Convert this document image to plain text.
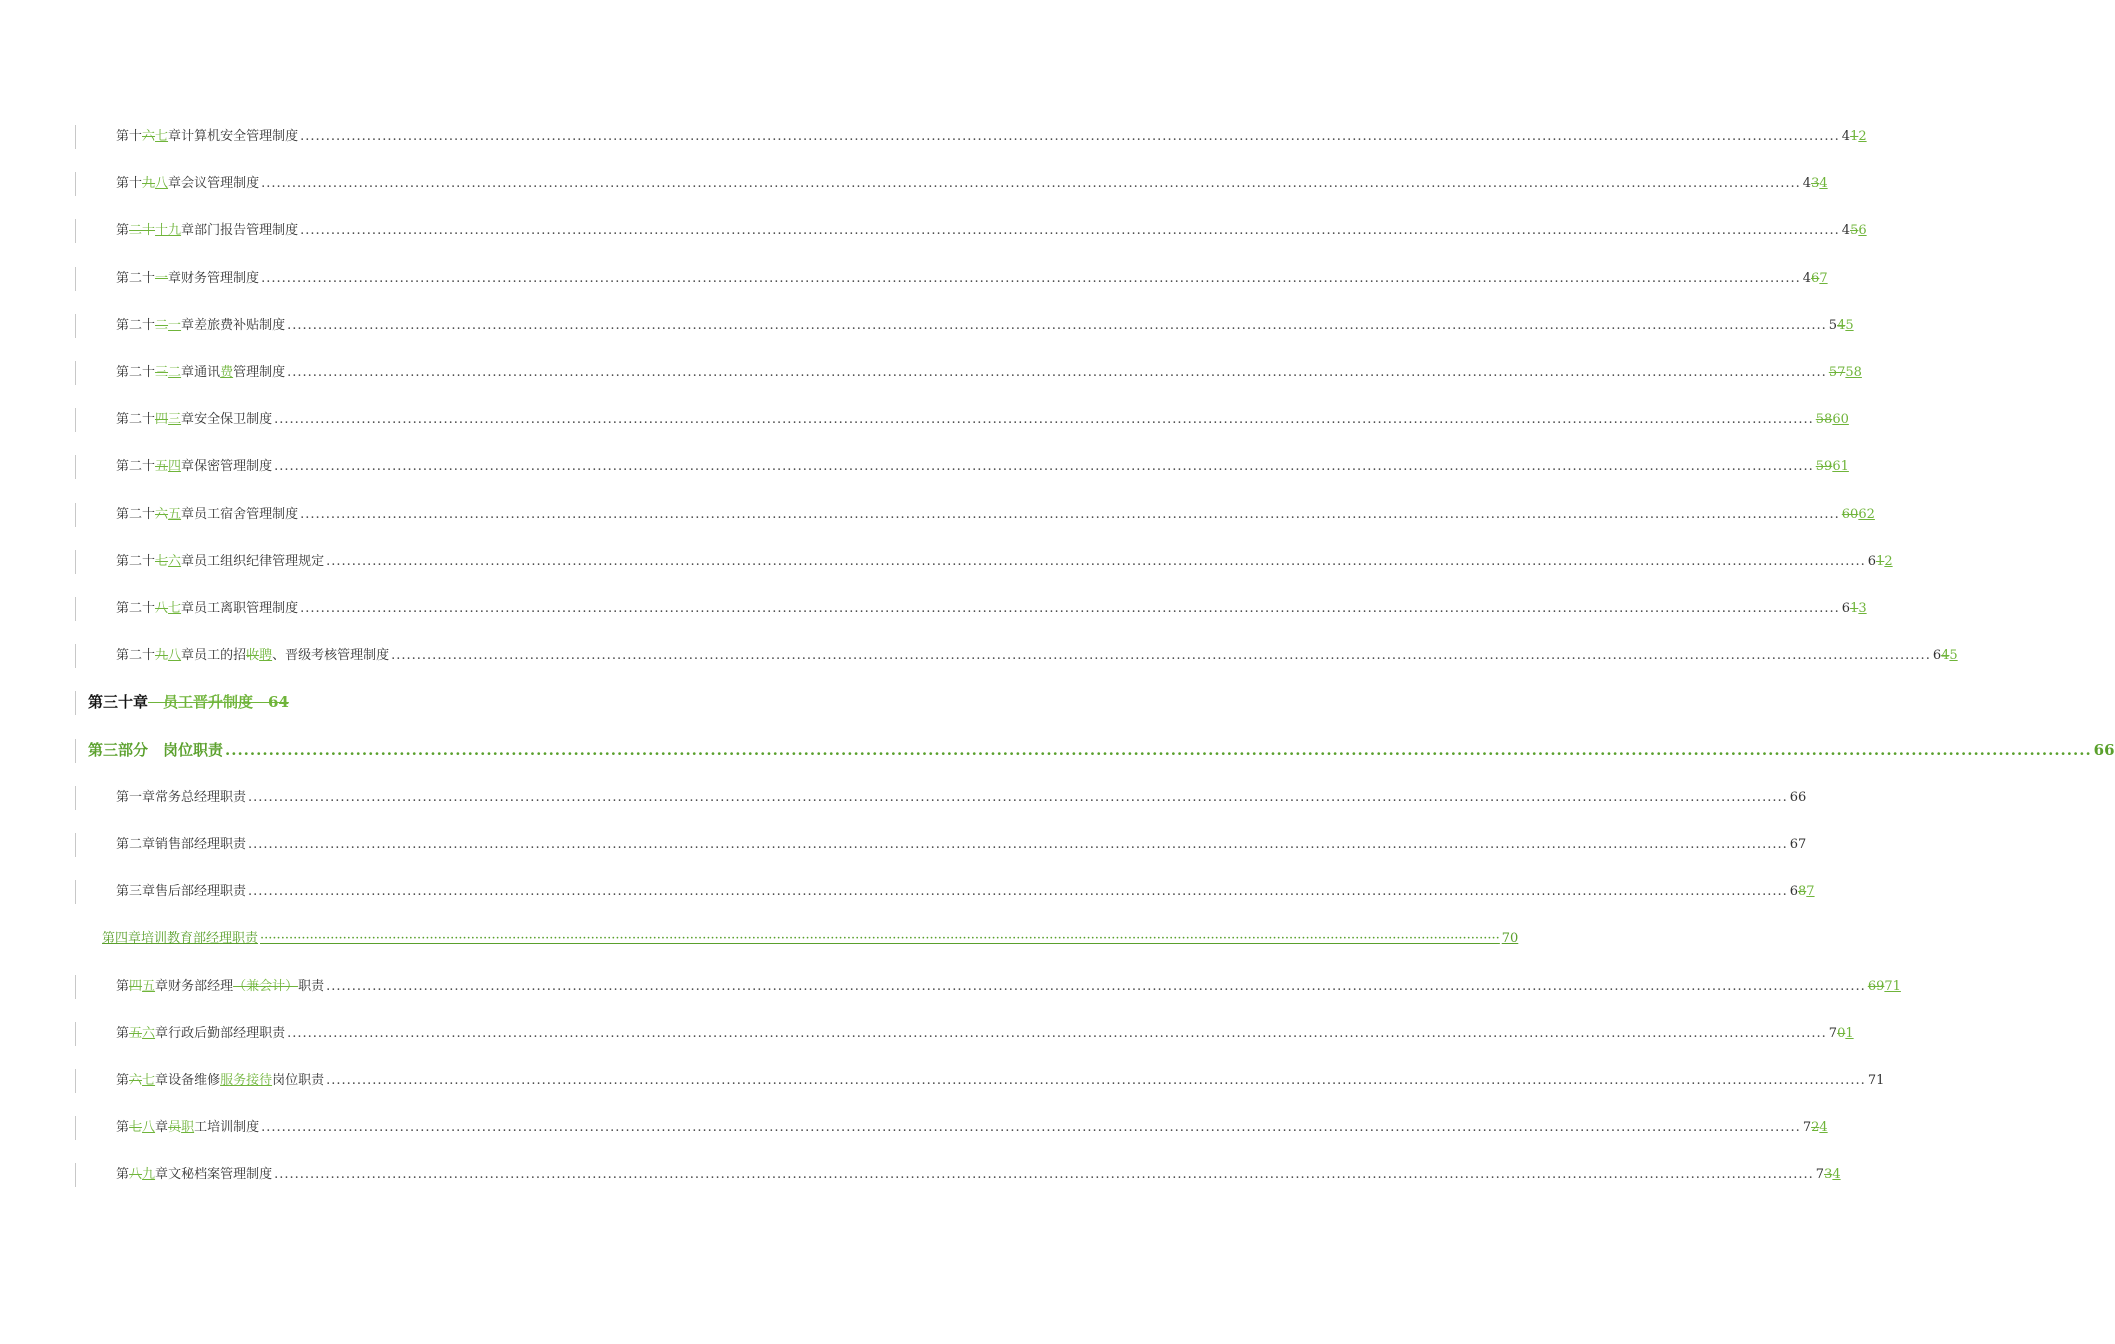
第十六七章 计算机安全管理制度 ............................................................................................................................................................................................................................................................................................................ 412
第十九八章 会议管理制度 ............................................................................................................................................................................................................................................................................................................ 434
第二十十九章 部门报告管理制度 ............................................................................................................................................................................................................................................................................................................ 456
第二十一章 财务管理制度 ............................................................................................................................................................................................................................................................................................................ 467
第二十二一章 差旅费补贴制度 ............................................................................................................................................................................................................................................................................................................ 545
第二十三二章 通讯费管理制度 ............................................................................................................................................................................................................................................................................................................ 5758
第二十四三章 安全保卫制度 ............................................................................................................................................................................................................................................................................................................ 5860
第二十五四章 保密管理制度 ............................................................................................................................................................................................................................................................................................................ 5961
第二十六五章 员工宿舍管理制度 ............................................................................................................................................................................................................................................................................................................ 6062
第二十七六章 员工组织纪律管理规定 ............................................................................................................................................................................................................................................................................................................ 612
第二十八七章 员工离职管理制度 ............................................................................................................................................................................................................................................................................................................ 613
第二十九八章 员工的招收聘、晋级考核管理制度 ............................................................................................................................................................................................................................................................................................................ 645
第三十章　员工晋升制度　64
第三部分　岗位职责 ............................................................................................................................................................................................................................................................................................................ 66
第一章 常务总经理职责 ............................................................................................................................................................................................................................................................................................................ 66
第二章 销售部经理职责 ............................................................................................................................................................................................................................................................................................................ 67
第三章 售后部经理职责 ............................................................................................................................................................................................................................................................................................................ 687
第四章 培训教育部经理职责 ············································································································································································································································································································ 70
第四五章 财务部经理（兼会计）职责 ............................................................................................................................................................................................................................................................................................................ 6971
第五六章 行政后勤部经理职责 ............................................................................................................................................................................................................................................................................................................ 701
第六七章 设备维修服务接待岗位职责 ............................................................................................................................................................................................................................................................................................................ 71
第七八章 员职工培训制度 ............................................................................................................................................................................................................................................................................................................ 724
第八九章 文秘档案管理制度 ............................................................................................................................................................................................................................................................................................................ 734
